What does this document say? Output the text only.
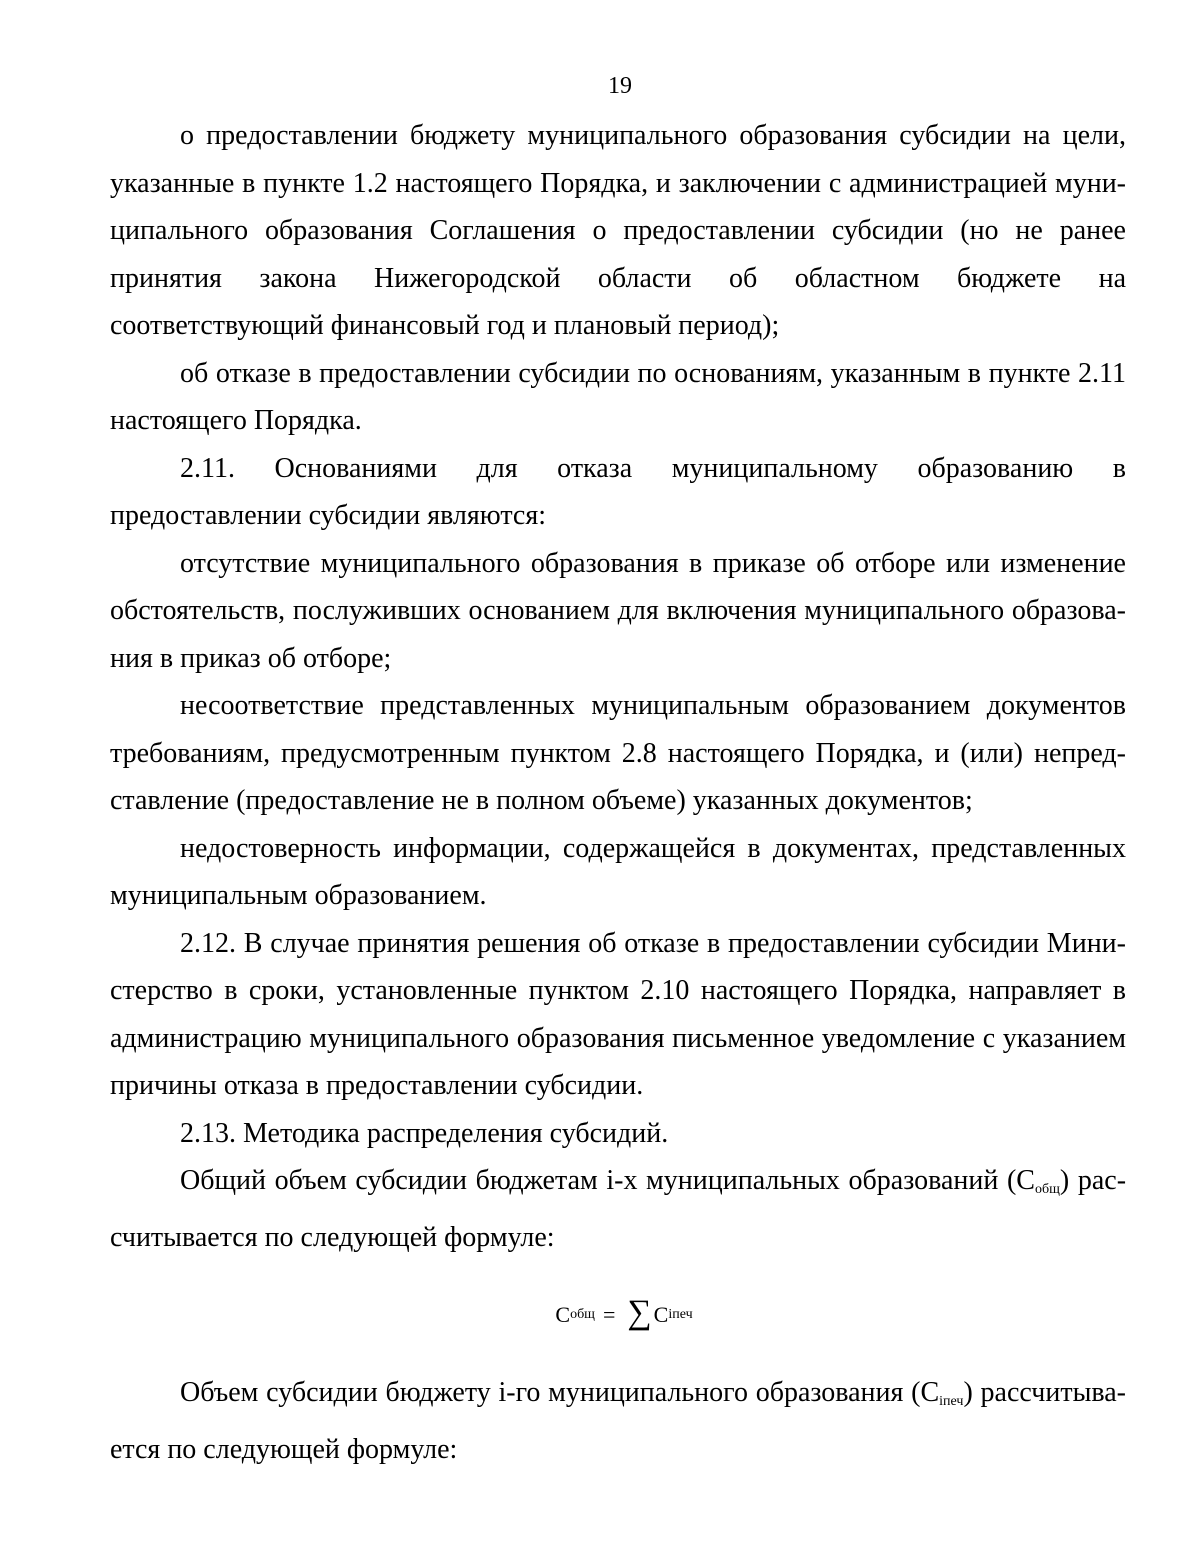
19

о предоставлении бюджету муниципального образования субсидии на цели, указанные в пункте 1.2 настоящего Порядка, и заключении с администрацией муниципального образования Соглашения о предоставлении субсидии (но не ранее принятия закона Нижегородской области об областном бюджете на соответствующий финансовый год и плановый период);

об отказе в предоставлении субсидии по основаниям, указанным в пункте 2.11 настоящего Порядка.

2.11. Основаниями для отказа муниципальному образованию в предоставлении субсидии являются:

отсутствие муниципального образования в приказе об отборе или изменение обстоятельств, послуживших основанием для включения муниципального образования в приказ об отборе;

несоответствие представленных муниципальным образованием документов требованиям, предусмотренным пунктом 2.8 настоящего Порядка, и (или) непредставление (предоставление не в полном объеме) указанных документов;

недостоверность информации, содержащейся в документах, представленных муниципальным образованием.

2.12. В случае принятия решения об отказе в предоставлении субсидии Министерство в сроки, установленные пунктом 2.10 настоящего Порядка, направляет в администрацию муниципального образования письменное уведомление с указанием причины отказа в предоставлении субсидии.

2.13. Методика распределения субсидий.

Общий объем субсидии бюджетам i-х муниципальных образований $(С_{общ})$ рассчитывается по следующей формуле:

С общ = ∑ С iпеч

Объем субсидии бюджету i-го муниципального образования $(С_{iпеч})$ рассчитывается по следующей формуле:
